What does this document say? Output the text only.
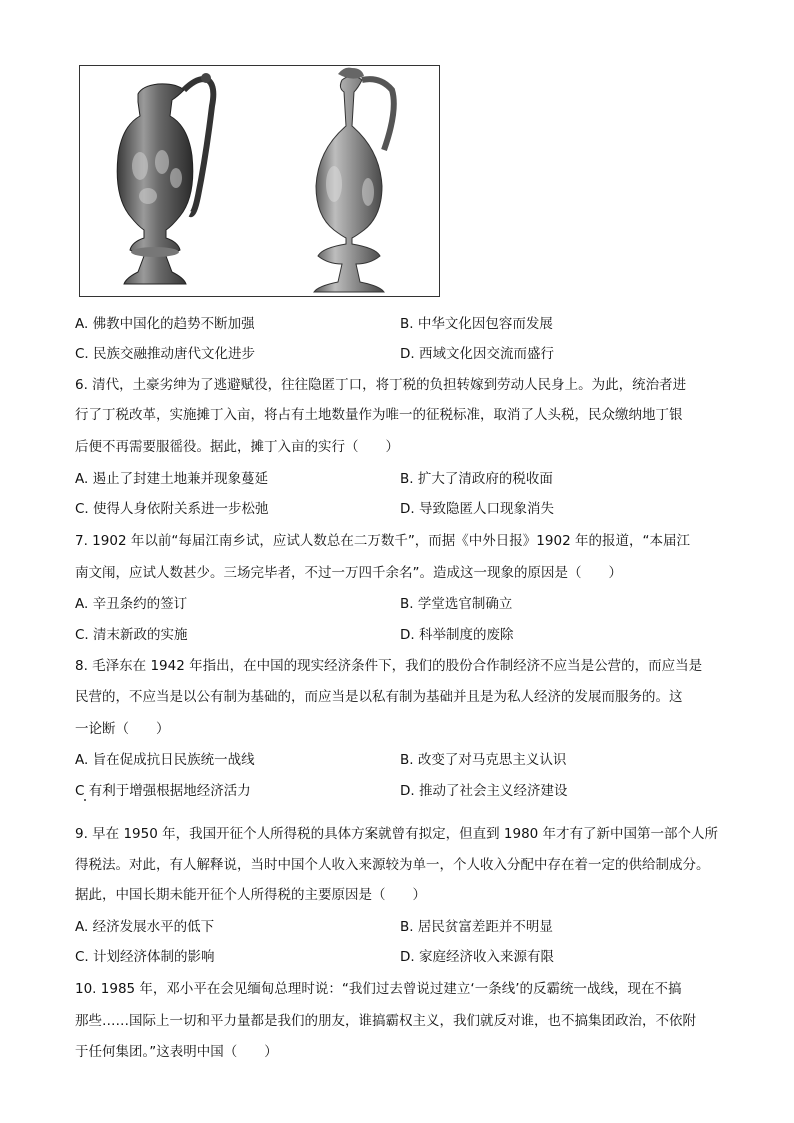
A. 佛教中国化的趋势不断加强	B. 中华文化因包容而发展
C. 民族交融推动唐代文化进步	D. 西域文化因交流而盛行
6. 清代，土豪劣绅为了逃避赋役，往往隐匿丁口，将丁税的负担转嫁到劳动人民身上。为此，统治者进
行了丁税改革，实施摊丁入亩，将占有土地数量作为唯一的征税标准，取消了人头税，民众缴纳地丁银
后便不再需要服徭役。据此，摊丁入亩的实行（　　）
A. 遏止了封建土地兼并现象蔓延	B. 扩大了清政府的税收面
C. 使得人身依附关系进一步松弛	D. 导致隐匿人口现象消失
7. 1902 年以前“每届江南乡试，应试人数总在二万数千”，而据《中外日报》1902 年的报道，“本届江
南文闱，应试人数甚少。三场完毕者，不过一万四千余名”。造成这一现象的原因是（　　）
A. 辛丑条约的签订	B. 学堂选官制确立
C. 清末新政的实施	D. 科举制度的废除
8. 毛泽东在 1942 年指出，在中国的现实经济条件下，我们的股份合作制经济不应当是公营的，而应当是
民营的，不应当是以公有制为基础的，而应当是以私有制为基础并且是为私人经济的发展而服务的。这
一论断（　　）
A. 旨在促成抗日民族统一战线	B. 改变了对马克思主义认识
C 有利于增强根据地经济活力	D. 推动了社会主义经济建设
9. 早在 1950 年，我国开征个人所得税的具体方案就曾有拟定，但直到 1980 年才有了新中国第一部个人所
得税法。对此，有人解释说，当时中国个人收入来源较为单一，个人收入分配中存在着一定的供给制成分。
据此，中国长期未能开征个人所得税的主要原因是（　　）
A. 经济发展水平的低下	B. 居民贫富差距并不明显
C. 计划经济体制的影响	D. 家庭经济收入来源有限
10. 1985 年，邓小平在会见缅甸总理时说：“我们过去曾说过建立‘一条线’的反霸统一战线，现在不搞
那些……国际上一切和平力量都是我们的朋友，谁搞霸权主义，我们就反对谁，也不搞集团政治，不依附
于任何集团。”这表明中国（　　）
